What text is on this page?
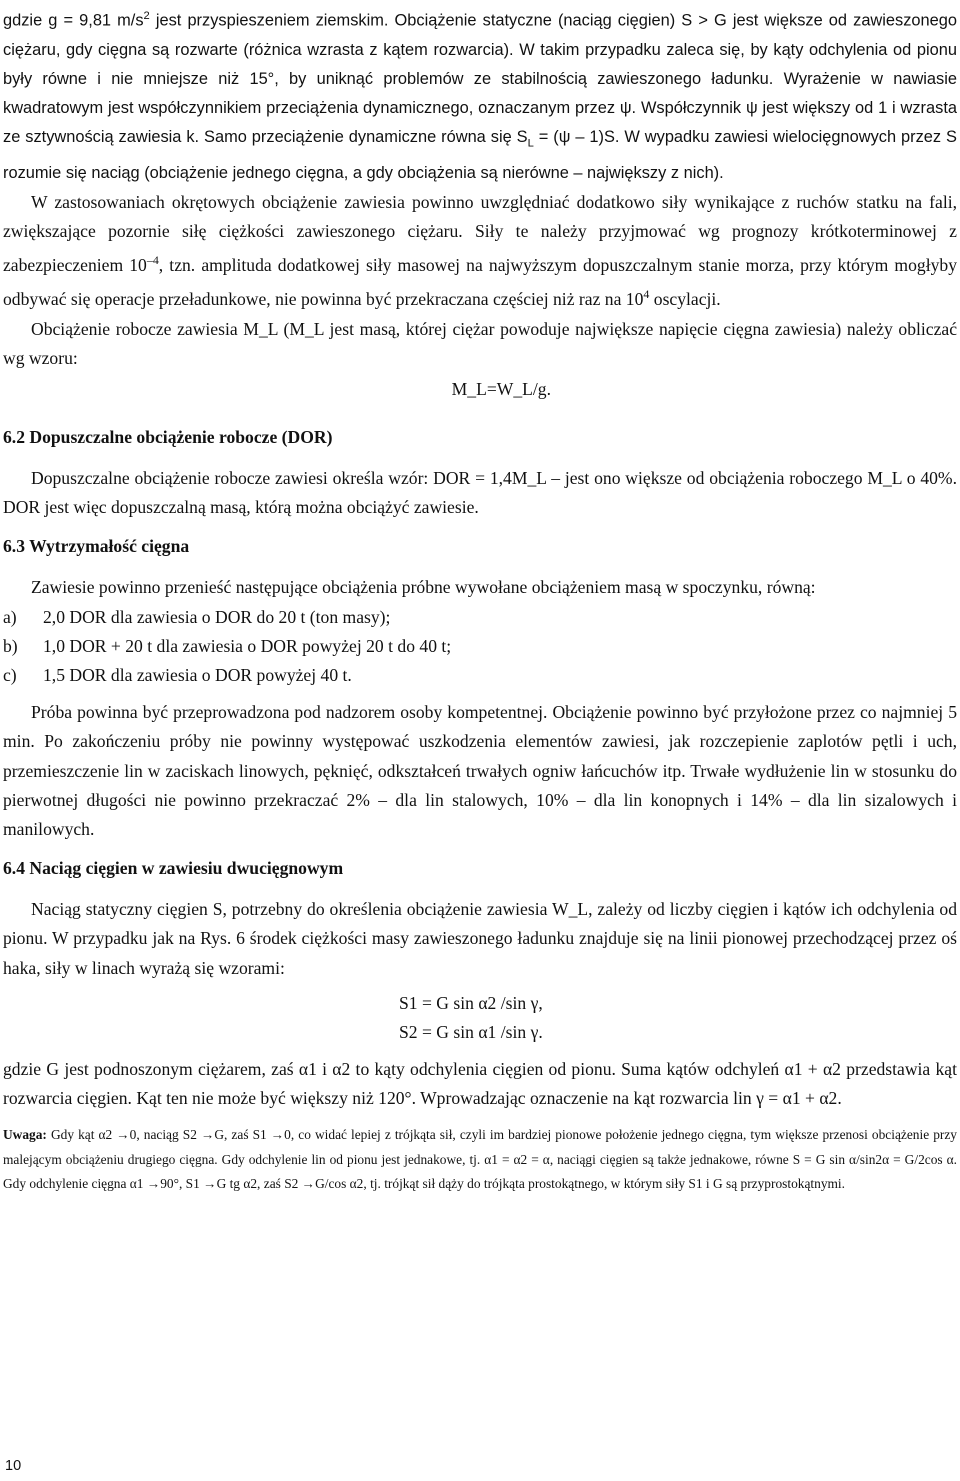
gdzie g = 9,81 $m/s^2$ jest przyspieszeniem ziemskim. Obciążenie statyczne (naciąg cięgien) S > G jest większe od zawieszonego ciężaru, gdy cięgna są rozwarte (różnica wzrasta z kątem rozwarcia). W takim przypadku zaleca się, by kąty odchylenia od pionu były równe i nie mniejsze niż 15°, by uniknąć problemów ze stabilnością zawieszonego ładunku. Wyrażenie w nawiasie kwadratowym jest współczynnikiem przeciążenia dynamicznego, oznaczanym przez ψ. Współczynnik ψ jest większy od 1 i wzrasta ze sztywnością zawiesia k. Samo przeciążenie dynamiczne równa się $S_L = (\psi - 1)S$. W wypadku zawiesi wielocięgnowych przez S rozumie się naciąg (obciążenie jednego cięgna, a gdy obciążenia są nierówne – największy z nich).

W zastosowaniach okrętowych obciążenie zawiesia powinno uwzględniać dodatkowo siły wynikające z ruchów statku na fali, zwiększające pozornie siłę ciężkości zawieszonego ciężaru. Siły te należy przyjmować wg prognozy krótkoterminowej z zabezpieczeniem $10^{-4}$, tzn. amplituda dodatkowej siły masowej na najwyższym dopuszczalnym stanie morza, przy którym mogłyby odbywać się operacje przeładunkowe, nie powinna być przekraczana częściej niż raz na $10^4$ oscylacji.

Obciążenie robocze zawiesia M_L (M_L jest masą, której ciężar powoduje największe napięcie cięgna zawiesia) należy obliczać wg wzoru:

M_L=W_L/g.
6.2 Dopuszczalne obciążenie robocze (DOR)

Dopuszczalne obciążenie robocze zawiesi określa wzór: DOR = 1,4M_L – jest ono większe od obciążenia roboczego M_L o 40%. DOR jest więc dopuszczalną masą, którą można obciążyć zawiesie.

6.3 Wytrzymałość cięgna

Zawiesie powinno przenieść następujące obciążenia próbne wywołane obciążeniem masą w spoczynku, równą:

a)	2,0 DOR dla zawiesia o DOR do 20 t (ton masy);
b)	1,0 DOR + 20 t dla zawiesia o DOR powyżej 20 t do 40 t;
c)	1,5 DOR dla zawiesia o DOR powyżej 40 t.

Próba powinna być przeprowadzona pod nadzorem osoby kompetentnej. Obciążenie powinno być przyłożone przez co najmniej 5 min. Po zakończeniu próby nie powinny występować uszkodzenia elementów zawiesi, jak rozczepienie zaplotów pętli i uch, przemieszczenie lin w zaciskach linowych, pęknięć, odkształceń trwałych ogniw łańcuchów itp. Trwałe wydłużenie lin w stosunku do pierwotnej długości nie powinno przekraczać 2% – dla lin stalowych, 10% – dla lin konopnych i 14% – dla lin sizalowych i manilowych.

6.4 Naciąg cięgien w zawiesiu dwucięgnowym

Naciąg statyczny cięgien S, potrzebny do określenia obciążenie zawiesia W_L, zależy od liczby cięgien i kątów ich odchylenia od pionu. W przypadku jak na Rys. 6 środek ciężkości masy zawieszonego ładunku znajduje się na linii pionowej przechodzącej przez oś haka, siły w linach wyrażą się wzorami:

S1 = G sin α2 /sin γ,
S2 = G sin α1 /sin γ.

gdzie G jest podnoszonym ciężarem, zaś α1 i α2 to kąty odchylenia cięgien od pionu. Suma kątów odchyleń α1 + α2 przedstawia kąt rozwarcia cięgien. Kąt ten nie może być większy niż 120°. Wprowadzając oznaczenie na kąt rozwarcia lin γ = α1 + α2.

Uwaga: Gdy kąt α2 →0, naciąg S2 →G, zaś S1 →0, co widać lepiej z trójkąta sił, czyli im bardziej pionowe położenie jednego cięgna, tym większe przenosi obciążenie przy malejącym obciążeniu drugiego cięgna. Gdy odchylenie lin od pionu jest jednakowe, tj. α1 = α2 = α, naciągi cięgien są także jednakowe, równe S = G sin α/sin2α = G/2cos α. Gdy odchylenie cięgna α1 →90°, S1 →G tg α2, zaś S2 →G/cos α2, tj. trójkąt sił dąży do trójkąta prostokątnego, w którym siły S1 i G są przyprostokątnymi.

10
